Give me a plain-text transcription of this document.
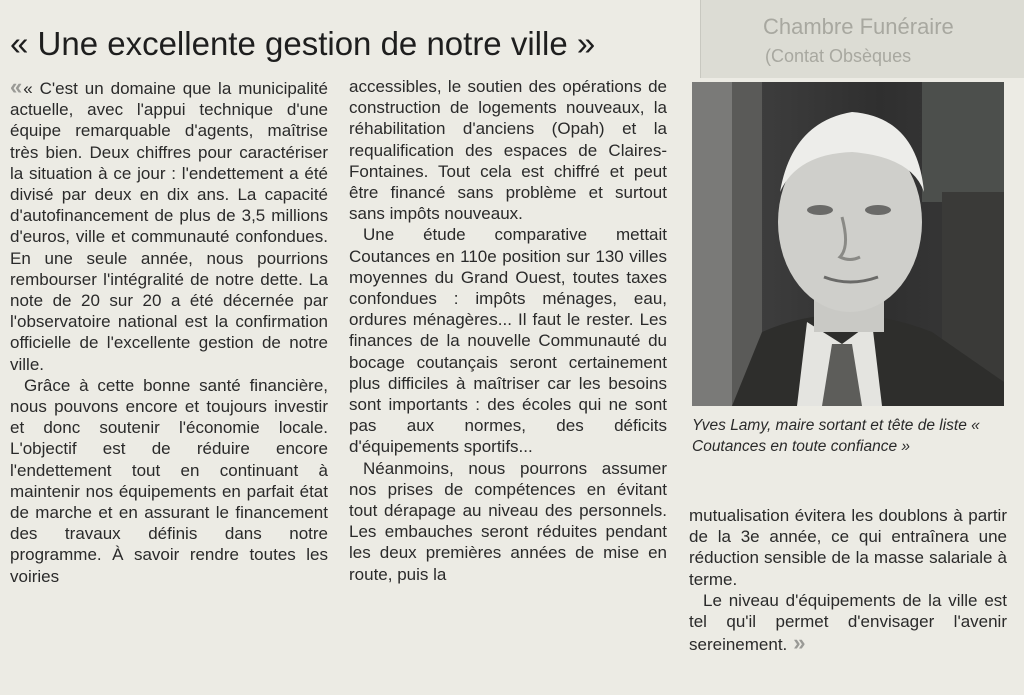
Chambre Funéraire
(Contat Obsèques
« Une excellente gestion de notre ville »

« « C'est un domaine que la municipalité actuelle, avec l'appui technique d'une équipe remarquable d'agents, maîtrise très bien. Deux chiffres pour caractériser la situation à ce jour : l'endettement a été divisé par deux en dix ans. La capacité d'autofinancement de plus de 3,5 millions d'euros, ville et communauté confondues. En une seule année, nous pourrions rembourser l'intégralité de notre dette. La note de 20 sur 20 a été décernée par l'observatoire national est la confirmation officielle de l'excellente gestion de notre ville.

Grâce à cette bonne santé financière, nous pouvons encore et toujours investir et donc soutenir l'économie locale. L'objectif est de réduire encore l'endettement tout en continuant à maintenir nos équipements en parfait état de marche et en assurant le financement des travaux définis dans notre programme. À savoir rendre toutes les voiries

accessibles, le soutien des opérations de construction de logements nouveaux, la réhabilitation d'anciens (Opah) et la requalification des espaces de Claires-Fontaines. Tout cela est chiffré et peut être financé sans problème et surtout sans impôts nouveaux.

Une étude comparative mettait Coutances en 110e position sur 130 villes moyennes du Grand Ouest, toutes taxes confondues : impôts ménages, eau, ordures ménagères... Il faut le rester. Les finances de la nouvelle Communauté du bocage coutançais seront certainement plus difficiles à maîtriser car les besoins sont importants : des écoles qui ne sont pas aux normes, des déficits d'équipements sportifs...

Néanmoins, nous pourrons assumer nos prises de compétences en évitant tout dérapage au niveau des personnels. Les embauches seront réduites pendant les deux premières années de mise en route, puis la

Yves Lamy, maire sortant et tête de liste « Coutances en toute confiance »

mutualisation évitera les doublons à partir de la 3e année, ce qui entraînera une réduction sensible de la masse salariale à terme.

Le niveau d'équipements de la ville est tel qu'il permet d'envisager l'avenir sereinement. »
